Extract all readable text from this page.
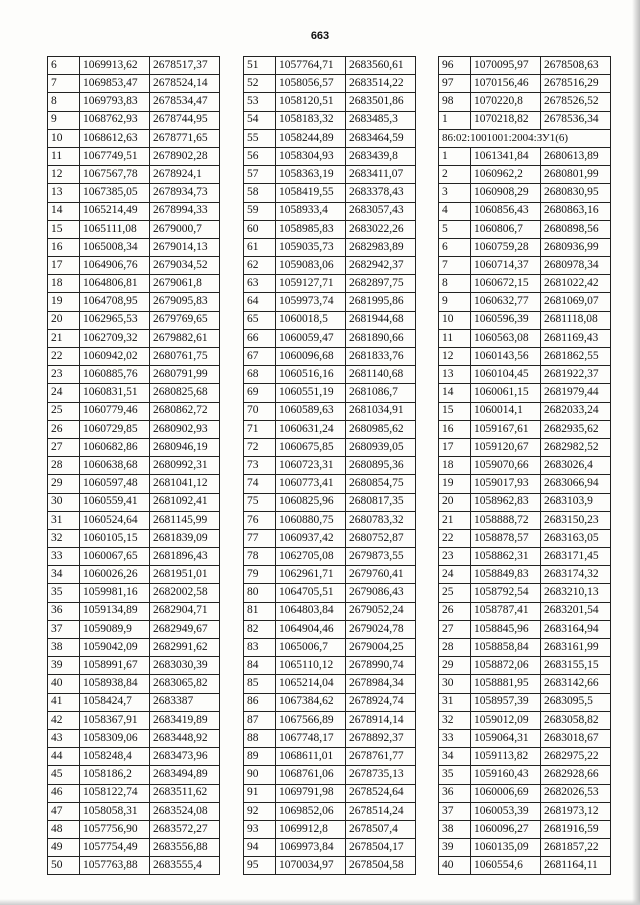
663
6	1069913,62	2678517,37
7	1069853,47	2678524,14
8	1069793,83	2678534,47
9	1068762,93	2678744,95
10	1068612,63	2678771,65
11	1067749,51	2678902,28
12	1067567,78	2678924,1
13	1067385,05	2678934,73
14	1065214,49	2678994,33
15	1065111,08	2679000,7
16	1065008,34	2679014,13
17	1064906,76	2679034,52
18	1064806,81	2679061,8
19	1064708,95	2679095,83
20	1062965,53	2679769,65
21	1062709,32	2679882,61
22	1060942,02	2680761,75
23	1060885,76	2680791,99
24	1060831,51	2680825,68
25	1060779,46	2680862,72
26	1060729,85	2680902,93
27	1060682,86	2680946,19
28	1060638,68	2680992,31
29	1060597,48	2681041,12
30	1060559,41	2681092,41
31	1060524,64	2681145,99
32	1060105,15	2681839,09
33	1060067,65	2681896,43
34	1060026,26	2681951,01
35	1059981,16	2682002,58
36	1059134,89	2682904,71
37	1059089,9	2682949,67
38	1059042,09	2682991,62
39	1058991,67	2683030,39
40	1058938,84	2683065,82
41	1058424,7	2683387
42	1058367,91	2683419,89
43	1058309,06	2683448,92
44	1058248,4	2683473,96
45	1058186,2	2683494,89
46	1058122,74	2683511,62
47	1058058,31	2683524,08
48	1057756,90	2683572,27
49	1057754,49	2683556,88
50	1057763,88	2683555,4
51	1057764,71	2683560,61
52	1058056,57	2683514,22
53	1058120,51	2683501,86
54	1058183,32	2683485,3
55	1058244,89	2683464,59
56	1058304,93	2683439,8
57	1058363,19	2683411,07
58	1058419,55	2683378,43
59	1058933,4	2683057,43
60	1058985,83	2683022,26
61	1059035,73	2682983,89
62	1059083,06	2682942,37
63	1059127,71	2682897,75
64	1059973,74	2681995,86
65	1060018,5	2681944,68
66	1060059,47	2681890,66
67	1060096,68	2681833,76
68	1060516,16	2681140,68
69	1060551,19	2681086,7
70	1060589,63	2681034,91
71	1060631,24	2680985,62
72	1060675,85	2680939,05
73	1060723,31	2680895,36
74	1060773,41	2680854,75
75	1060825,96	2680817,35
76	1060880,75	2680783,32
77	1060937,42	2680752,87
78	1062705,08	2679873,55
79	1062961,71	2679760,41
80	1064705,51	2679086,43
81	1064803,84	2679052,24
82	1064904,46	2679024,78
83	1065006,7	2679004,25
84	1065110,12	2678990,74
85	1065214,04	2678984,34
86	1067384,62	2678924,74
87	1067566,89	2678914,14
88	1067748,17	2678892,37
89	1068611,01	2678761,77
90	1068761,06	2678735,13
91	1069791,98	2678524,64
92	1069852,06	2678514,24
93	1069912,8	2678507,4
94	1069973,84	2678504,17
95	1070034,97	2678504,58
96	1070095,97	2678508,63
97	1070156,46	2678516,29
98	1070220,8	2678526,52
1	1070218,82	2678536,34
86:02:1001001:2004:ЗУ1(6)		
1	1061341,84	2680613,89
2	1060962,2	2680801,99
3	1060908,29	2680830,95
4	1060856,43	2680863,16
5	1060806,7	2680898,56
6	1060759,28	2680936,99
7	1060714,37	2680978,34
8	1060672,15	2681022,42
9	1060632,77	2681069,07
10	1060596,39	2681118,08
11	1060563,08	2681169,43
12	1060143,56	2681862,55
13	1060104,45	2681922,37
14	1060061,15	2681979,44
15	1060014,1	2682033,24
16	1059167,61	2682935,62
17	1059120,67	2682982,52
18	1059070,66	2683026,4
19	1059017,93	2683066,94
20	1058962,83	2683103,9
21	1058888,72	2683150,23
22	1058878,57	2683163,05
23	1058862,31	2683171,45
24	1058849,83	2683174,32
25	1058792,54	2683210,13
26	1058787,41	2683201,54
27	1058845,96	2683164,94
28	1058858,84	2683161,99
29	1058872,06	2683155,15
30	1058881,95	2683142,66
31	1058957,39	2683095,5
32	1059012,09	2683058,82
33	1059064,31	2683018,67
34	1059113,82	2682975,22
35	1059160,43	2682928,66
36	1060006,69	2682026,53
37	1060053,39	2681973,12
38	1060096,27	2681916,59
39	1060135,09	2681857,22
40	1060554,6	2681164,11
